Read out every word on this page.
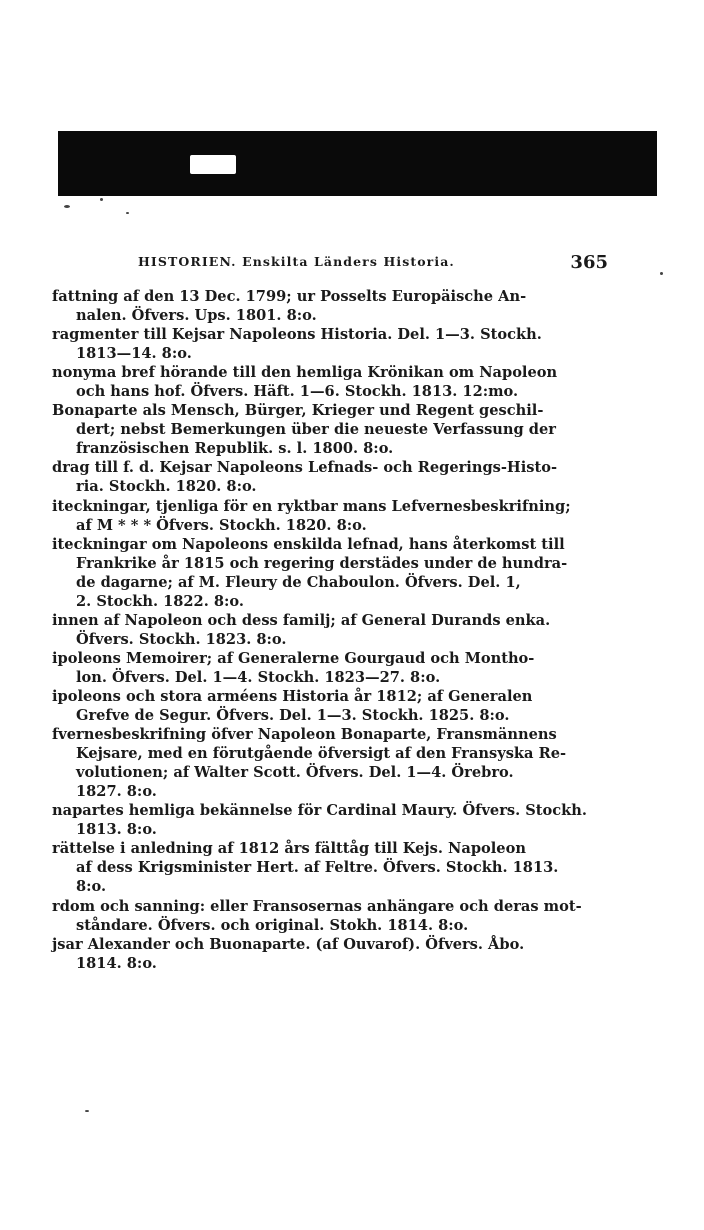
HISTORIEN. Enskilta Länders Historia.	365
fattning af den 13 Dec. 1799; ur Posselts Europäische An-
nalen. Öfvers. Ups. 1801. 8:o.
ragmenter till Kejsar Napoleons Historia. Del. 1—3. Stockh.
1813—14. 8:o.
nonyma bref hörande till den hemliga Krönikan om Napoleon
och hans hof. Öfvers. Häft. 1—6. Stockh. 1813. 12:mo.
Bonaparte als Mensch, Bürger, Krieger und Regent geschil-
dert; nebst Bemerkungen über die neueste Verfassung der
französischen Republik. s. l. 1800. 8:o.
drag till f. d. Kejsar Napoleons Lefnads- och Regerings-Histo-
ria. Stockh. 1820. 8:o.
iteckningar, tjenliga för en ryktbar mans Lefvernesbeskrifning;
af M * * * Öfvers. Stockh. 1820. 8:o.
iteckningar om Napoleons enskilda lefnad, hans återkomst till
Frankrike år 1815 och regering derstädes under de hundra-
de dagarne; af M. Fleury de Chaboulon. Öfvers. Del. 1,
2. Stockh. 1822. 8:o.
innen af Napoleon och dess familj; af General Durands enka.
Öfvers. Stockh. 1823. 8:o.
ipoleons Memoirer; af Generalerne Gourgaud och Montho-
lon. Öfvers. Del. 1—4. Stockh. 1823—27. 8:o.
ipoleons och stora arméens Historia år 1812; af Generalen
Grefve de Segur. Öfvers. Del. 1—3. Stockh. 1825. 8:o.
fvernesbeskrifning öfver Napoleon Bonaparte, Fransmännens
Kejsare, med en förutgående öfversigt af den Fransyska Re-
volutionen; af Walter Scott. Öfvers. Del. 1—4. Örebro.
1827. 8:o.
napartes hemliga bekännelse för Cardinal Maury. Öfvers. Stockh.
1813. 8:o.
rättelse i anledning af 1812 års fälttåg till Kejs. Napoleon
af dess Krigsminister Hert. af Feltre. Öfvers. Stockh. 1813.
8:o.
rdom och sanning: eller Fransosernas anhängare och deras mot-
ståndare. Öfvers. och original. Stokh. 1814. 8:o.
jsar Alexander och Buonaparte. (af Ouvarof). Öfvers. Åbo.
1814. 8:o.
